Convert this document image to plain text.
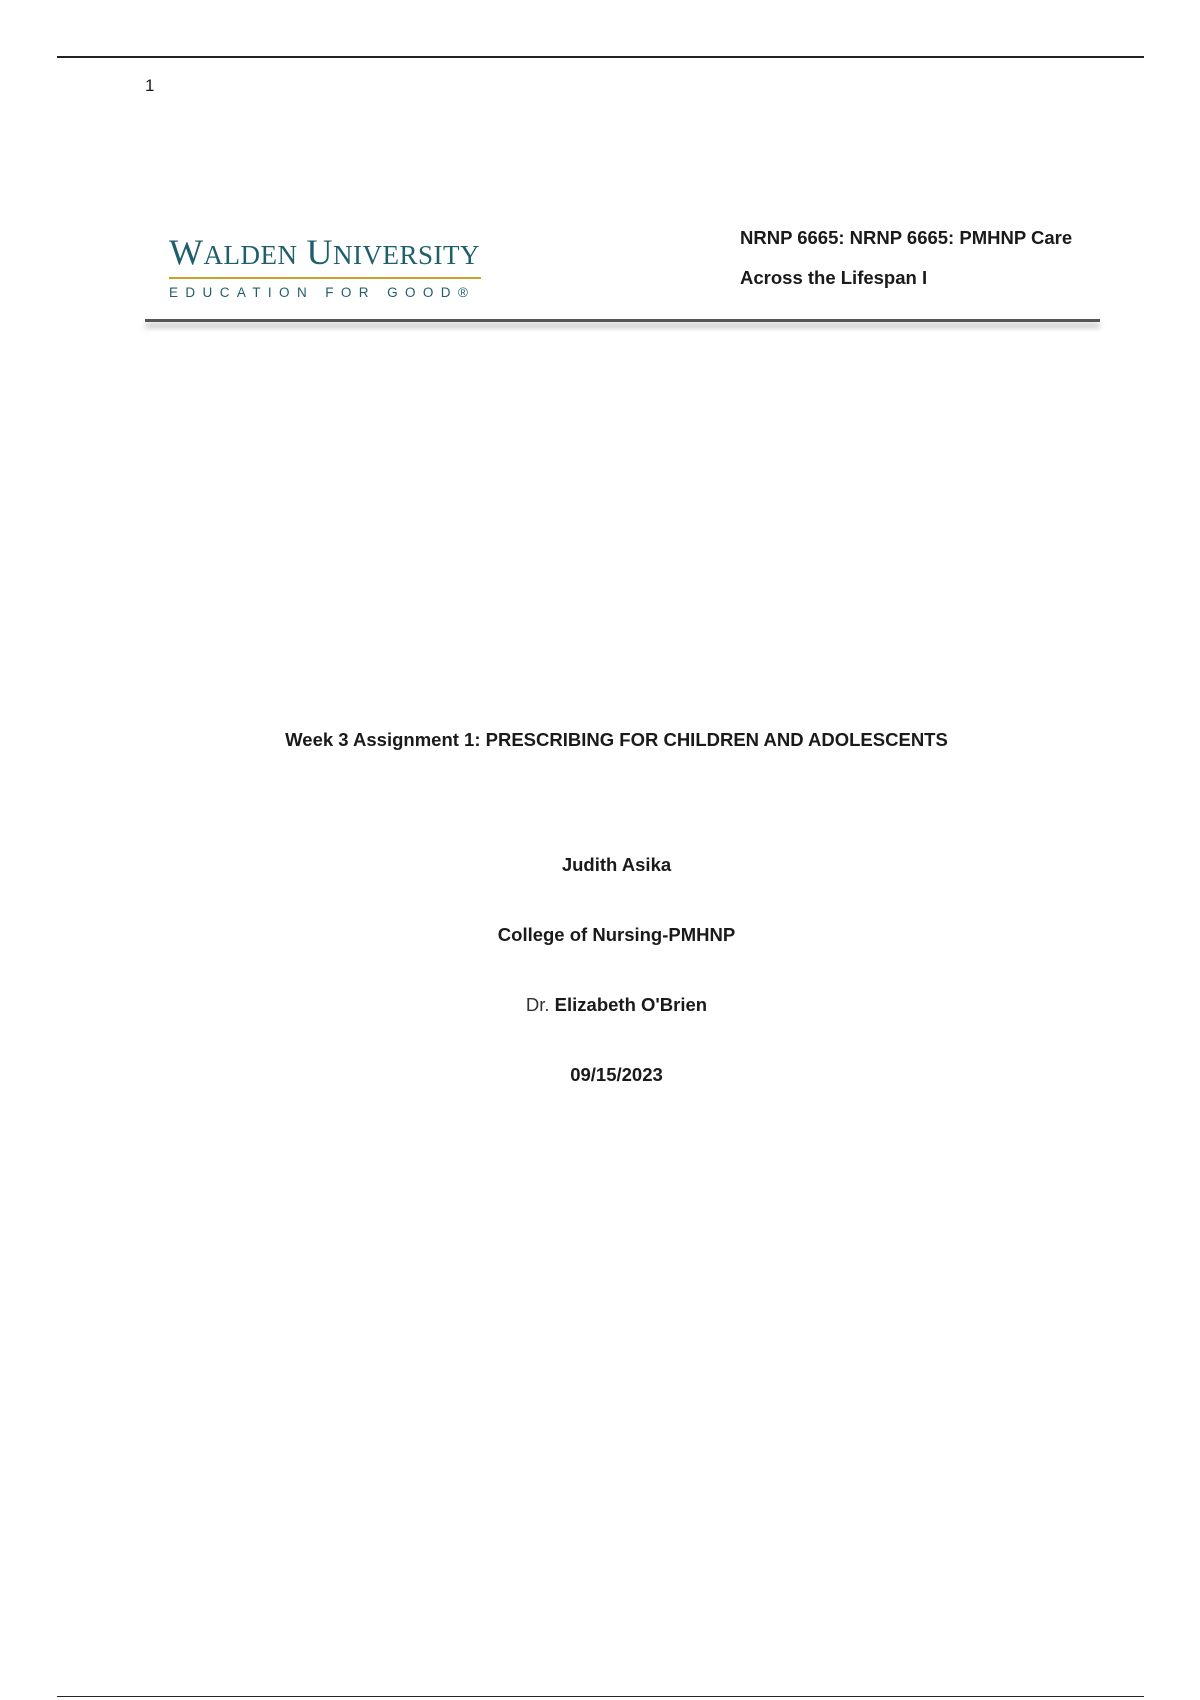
1
WALDEN UNIVERSITY
EDUCATION FOR GOOD®
NRNP 6665: NRNP 6665: PMHNP Care
Across the Lifespan I
Week 3 Assignment 1: PRESCRIBING FOR CHILDREN AND ADOLESCENTS
Judith Asika
College of Nursing-PMHNP
Dr. Elizabeth O'Brien
09/15/2023
